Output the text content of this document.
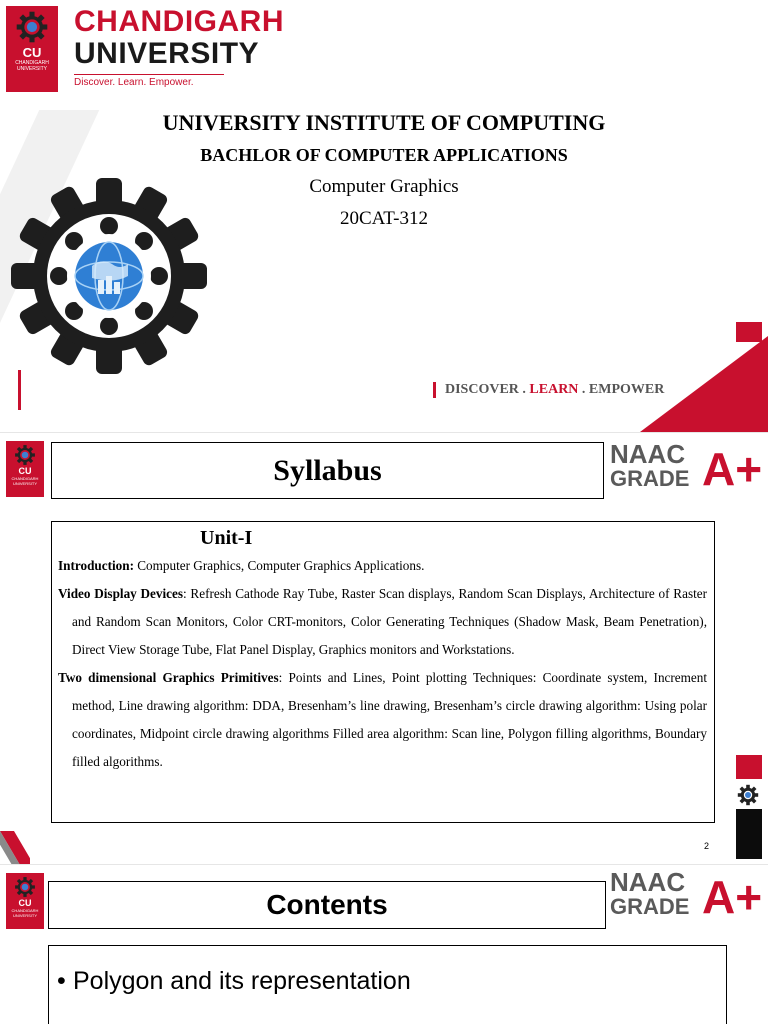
CU
CHANDIGARH UNIVERSITY
CHANDIGARH
UNIVERSITY
Discover. Learn. Empower.
UNIVERSITY INSTITUTE OF COMPUTING
BACHLOR OF COMPUTER APPLICATIONS
Computer Graphics
20CAT-312
DISCOVER . LEARN . EMPOWER
CU
CHANDIGARH UNIVERSITY	Syllabus	NAAC
GRADE A+
Unit-I

Introduction: Computer Graphics, Computer Graphics Applications.

Video Display Devices: Refresh Cathode Ray Tube, Raster Scan displays, Random Scan Displays, Architecture of Raster and Random Scan Monitors, Color CRT-monitors, Color Generating Techniques (Shadow Mask, Beam Penetration), Direct View Storage Tube, Flat Panel Display, Graphics monitors and Workstations.

Two dimensional Graphics Primitives: Points and Lines, Point plotting Techniques: Coordinate system, Increment method, Line drawing algorithm: DDA, Bresenham’s line drawing, Bresenham’s circle drawing algorithm: Using polar coordinates, Midpoint circle drawing algorithms Filled area algorithm: Scan line, Polygon filling algorithms, Boundary filled algorithms.

2
CU
CHANDIGARH UNIVERSITY	Contents
NAAC
GRADE A+
• Polygon and its representation
